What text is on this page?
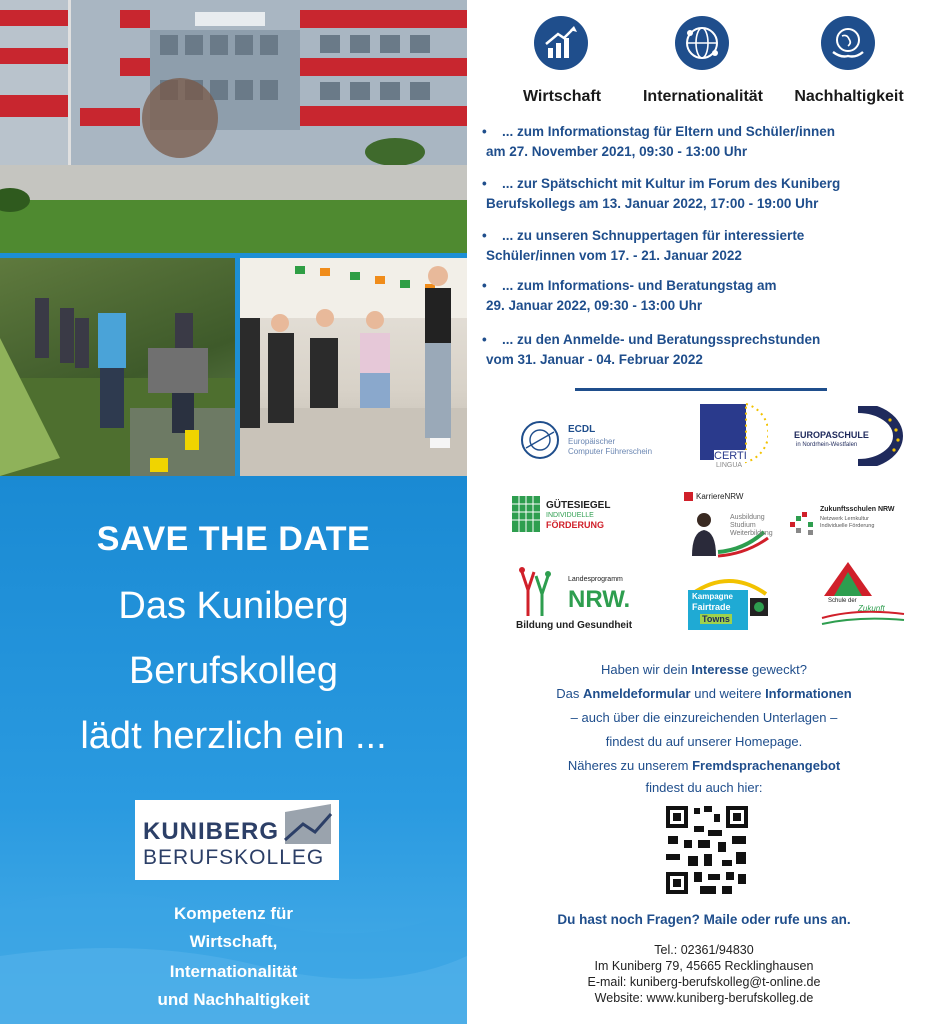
SAVE THE DATE
Das Kuniberg
Berufskolleg
lädt herzlich ein ...
KUNIBERG
BERUFSKOLLEG
Kompetenz für
Wirtschaft,
Internationalität
und Nachhaltigkeit
Wirtschaft	Internationalität	Nachhaltigkeit
•	... zum Informationstag für Eltern und Schüler/innen
am 27. November 2021, 09:30 - 13:00 Uhr
•	... zur Spätschicht mit Kultur im Forum des Kuniberg
Berufskollegs am 13. Januar 2022, 17:00 - 19:00 Uhr
•	... zu unseren Schnuppertagen für interessierte
Schüler/innen vom 17. - 21. Januar 2022
•	... zum Informations- und Beratungstag am
29. Januar 2022, 09:30 - 13:00 Uhr
•	... zu den Anmelde- und Beratungssprechstunden
vom 31. Januar - 04. Februar 2022
ECDL
Europäischer
Computer Führerschein	CERTI
LINGUA
EUROPASCHULE
in Nordrhein-Westfalen
GÜTESIEGEL
INDIVIDUELLE
FÖRDERUNG
KarriereNRW
Ausbildung
Studium
Weiterbildung
Zukunftsschulen NRW
Netzwerk Lernkultur
Individuelle Förderung
Landesprogramm
NRW.
Bildung und Gesundheit
Kampagne
Fairtrade
Towns
Schule der
Zukunft
Haben wir dein Interesse geweckt?
Das Anmeldeformular und weitere Informationen
– auch über die einzureichenden Unterlagen –
findest du auf unserer Homepage.
Näheres zu unserem Fremdsprachenangebot
findest du auch hier:
Du hast noch Fragen? Maile oder rufe uns an.
Tel.: 02361/94830
Im Kuniberg 79, 45665 Recklinghausen
E-mail: kuniberg-berufskolleg@t-online.de
Website: www.kuniberg-berufskolleg.de
